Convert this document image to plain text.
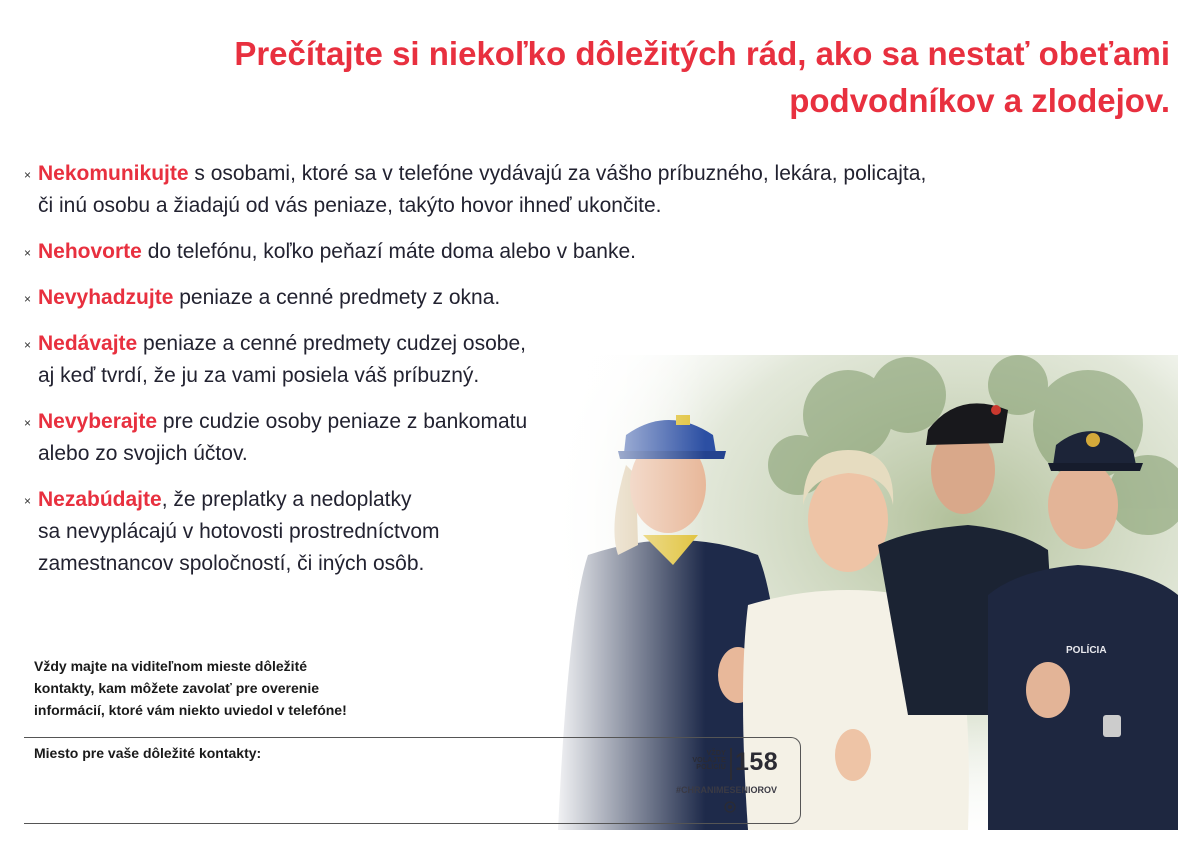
Prečítajte si niekoľko dôležitých rád, ako sa nestať obeťami
podvodníkov a zlodejov.
× Nekomunikujte s osobami, ktoré sa v telefóne vydávajú za vášho príbuzného, lekára, policajta,
či inú osobu a žiadajú od vás peniaze, takýto hovor ihneď ukončite.
× Nehovorte do telefónu, koľko peňazí máte doma alebo v banke.
× Nevyhadzujte peniaze a cenné predmety z okna.
× Nedávajte peniaze a cenné predmety cudzej osobe,
aj keď tvrdí, že ju za vami posiela váš príbuzný.
× Nevyberajte pre cudzie osoby peniaze z bankomatu
alebo zo svojich účtov.
× Nezabúdajte, že preplatky a nedoplatky
sa nevyplácajú v hotovosti prostredníctvom
zamestnancov spoločností, či iných osôb.
Vždy majte na viditeľnom mieste dôležité
kontakty, kam môžete zavolať pre overenie
informácií, ktoré vám niekto uviedol v telefóne!
Miesto pre vaše dôležité kontakty:	VŽDY
VOLAJTE
POLÍCIU 158
#CHRANIMESENIOROV
